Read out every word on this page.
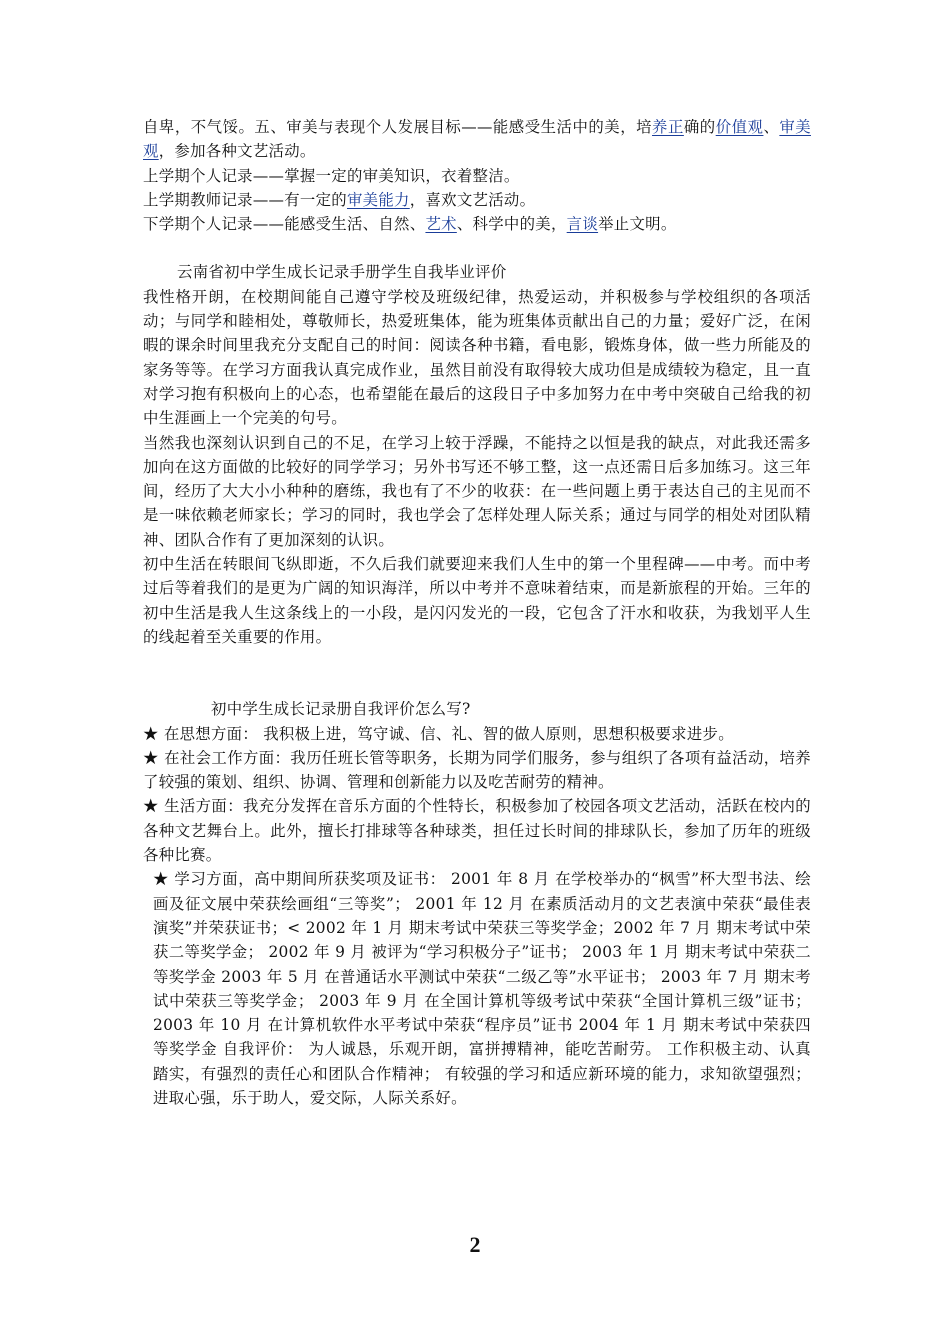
自卑，不气馁。五、审美与表现个人发展目标——能感受生活中的美，培养正确的价值观、审美观，参加各种文艺活动。

上学期个人记录——掌握一定的审美知识，衣着整洁。

上学期教师记录——有一定的审美能力，喜欢文艺活动。

下学期个人记录——能感受生活、自然、艺术、科学中的美，言谈举止文明。

云南省初中学生成长记录手册学生自我毕业评价

我性格开朗，在校期间能自己遵守学校及班级纪律，热爱运动，并积极参与学校组织的各项活动；与同学和睦相处，尊敬师长，热爱班集体，能为班集体贡献出自己的力量；爱好广泛，在闲暇的课余时间里我充分支配自己的时间：阅读各种书籍，看电影，锻炼身体，做一些力所能及的家务等等。在学习方面我认真完成作业，虽然目前没有取得较大成功但是成绩较为稳定，且一直对学习抱有积极向上的心态，也希望能在最后的这段日子中多加努力在中考中突破自己给我的初中生涯画上一个完美的句号。

当然我也深刻认识到自己的不足，在学习上较于浮躁，不能持之以恒是我的缺点，对此我还需多加向在这方面做的比较好的同学学习；另外书写还不够工整，这一点还需日后多加练习。这三年间，经历了大大小小种种的磨练，我也有了不少的收获：在一些问题上勇于表达自己的主见而不是一味依赖老师家长；学习的同时，我也学会了怎样处理人际关系；通过与同学的相处对团队精神、团队合作有了更加深刻的认识。

初中生活在转眼间飞纵即逝，不久后我们就要迎来我们人生中的第一个里程碑——中考。而中考过后等着我们的是更为广阔的知识海洋，所以中考并不意味着结束，而是新旅程的开始。三年的初中生活是我人生这条线上的一小段，是闪闪发光的一段，它包含了汗水和收获，为我划平人生的线起着至关重要的作用。

初中学生成长记录册自我评价怎么写?

★ 在思想方面： 我积极上进，笃守诚、信、礼、智的做人原则，思想积极要求进步。

★ 在社会工作方面：我历任班长管等职务，长期为同学们服务，参与组织了各项有益活动，培养了较强的策划、组织、协调、管理和创新能力以及吃苦耐劳的精神。

★ 生活方面：我充分发挥在音乐方面的个性特长，积极参加了校园各项文艺活动，活跃在校内的各种文艺舞台上。此外，擅长打排球等各种球类，担任过长时间的排球队长，参加了历年的班级各种比赛。

★ 学习方面，高中期间所获奖项及证书： 2001 年 8 月 在学校举办的“枫雪”杯大型书法、绘画及征文展中荣获绘画组“三等奖”； 2001 年 12 月 在素质活动月的文艺表演中荣获“最佳表演奖”并荣获证书；< 2002 年 1 月 期末考试中荣获三等奖学金；2002 年 7 月 期末考试中荣获二等奖学金； 2002 年 9 月 被评为“学习积极分子”证书； 2003 年 1 月 期末考试中荣获二等奖学金 2003 年 5 月 在普通话水平测试中荣获“二级乙等”水平证书； 2003 年 7 月 期末考试中荣获三等奖学金； 2003 年 9 月 在全国计算机等级考试中荣获“全国计算机三级”证书； 2003 年 10 月 在计算机软件水平考试中荣获“程序员”证书 2004 年 1 月 期末考试中荣获四等奖学金 自我评价： 为人诚恳，乐观开朗，富拼搏精神，能吃苦耐劳。 工作积极主动、认真踏实，有强烈的责任心和团队合作精神； 有较强的学习和适应新环境的能力，求知欲望强烈； 进取心强，乐于助人，爱交际，人际关系好。

2
